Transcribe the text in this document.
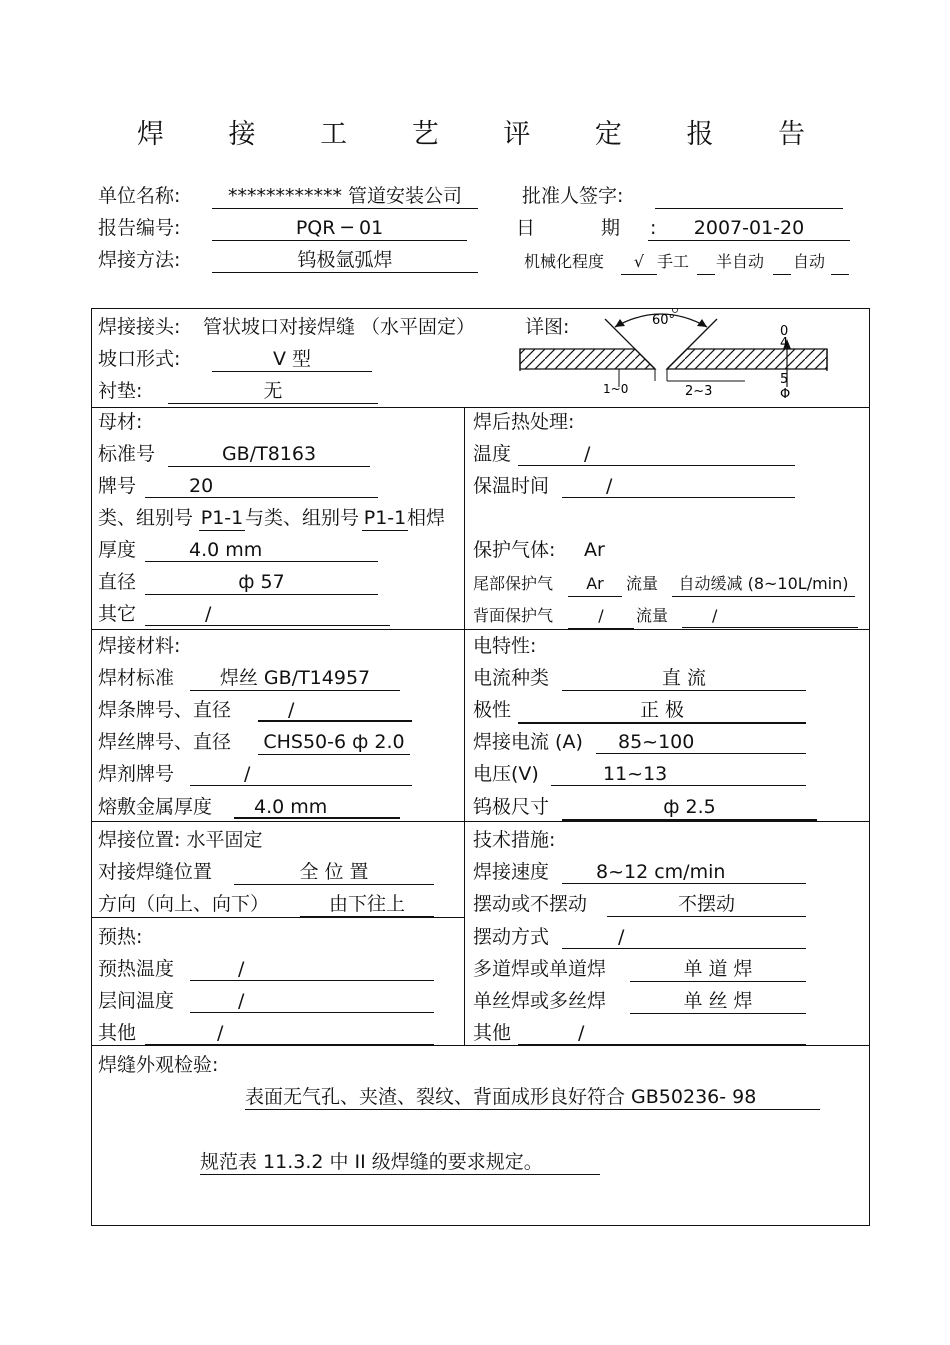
焊 接 工 艺 评 定 报 告
单位名称:	************ 管道安装公司	批准人签字:
报告编号:	PQR ─ 01	日 期: 2007-01-20
焊接方法:	钨极氩弧焊	机械化程度	√ 手工 半自动 自动
焊接接头: 管状坡口对接焊缝 （水平固定）	详图:
坡口形式:	V 型
衬垫:	无
60°
2~3
1~0
0
4
5
Φ
母材:
标准号	GB/T8163
牌号	20
类、组别号 P1-1 与类、组别号 P1-1 相焊
厚度	4.0 mm
直径	ф 57
其它	/
焊后热处理:
温度	/
保温时间	/
保护气体: Ar
尾部保护气	Ar	流量	自动缓减 (8~10L/min)
背面保护气	/	流量	/
焊接材料:
焊材标准	焊丝 GB/T14957
焊条牌号、直径	/
焊丝牌号、直径 CHS50-6 ф 2.0
焊剂牌号	/
熔敷金属厚度	4.0 mm
电特性:
电流种类	直 流
极性	正 极
焊接电流 (A)	85~100
电压(V)	11~13
钨极尺寸	ф 2.5
焊接位置: 水平固定
对接焊缝位置	全 位 置
方向（向上、向下）	由下往上
预热:
预热温度	/
层间温度	/
其他	/
技术措施:
焊接速度	8~12 cm/min
摆动或不摆动	不摆动
摆动方式	/
多道焊或单道焊	单 道 焊
单丝焊或多丝焊	单 丝 焊
其他	/
焊缝外观检验:
表面无气孔、夹渣、裂纹、背面成形良好符合 GB50236- 98
规范表 11.3.2 中 II 级焊缝的要求规定。
